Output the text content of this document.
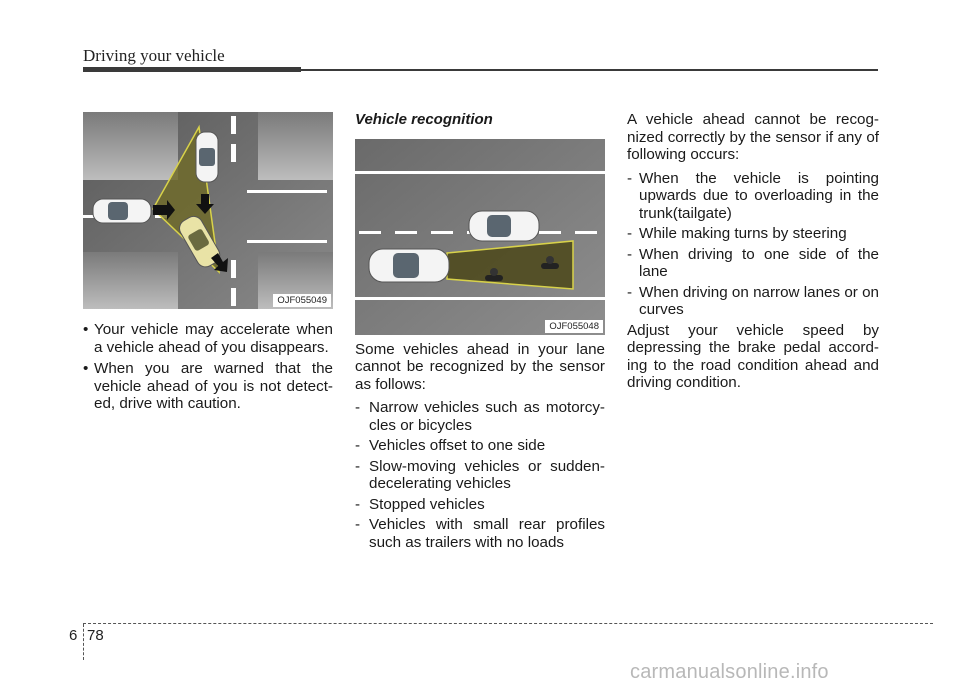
Driving your vehicle
OJF055049
• Your vehicle may accelerate when a vehicle ahead of you disappears.
• When you are warned that the vehicle ahead of you is not detect-ed, drive with caution.
Vehicle recognition
OJF055048

Some vehicles ahead in your lane cannot be recognized by the sensor as follows:

- Narrow vehicles such as motorcy-cles or bicycles
- Vehicles offset to one side
- Slow-moving vehicles or sudden-decelerating vehicles
- Stopped vehicles
- Vehicles with small rear profiles such as trailers with no loads

A vehicle ahead cannot be recog-nized correctly by the sensor if any of following occurs:

- When the vehicle is pointing upwards due to overloading in the trunk(tailgate)
- While making turns by steering
- When driving to one side of the lane
- When driving on narrow lanes or on curves

Adjust your vehicle speed by depressing the brake pedal accord-ing to the road condition ahead and driving condition.

6 78
carmanualsonline.info
